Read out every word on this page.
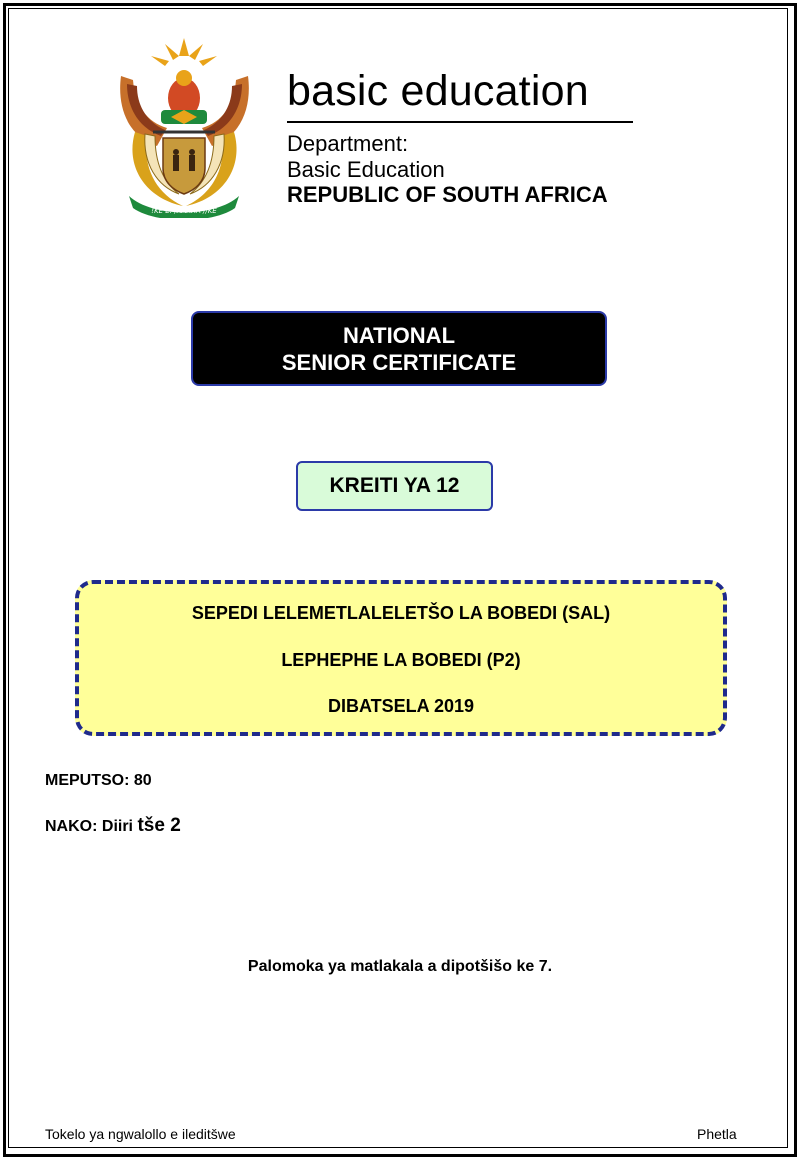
!KE E: /XARRA //KE
basic education
Department:
Basic Education
REPUBLIC OF SOUTH AFRICA
NATIONAL
SENIOR CERTIFICATE
KREITI YA 12
SEPEDI LELEMETLALELETŠO LA BOBEDI (SAL)
LEPHEPHE LA BOBEDI (P2)
DIBATSELA 2019
MEPUTSO: 80
NAKO: Diiri tše 2
Palomoka ya matlakala a dipotšišo ke 7.
Tokelo ya ngwalollo e ileditšwe	Phetla
